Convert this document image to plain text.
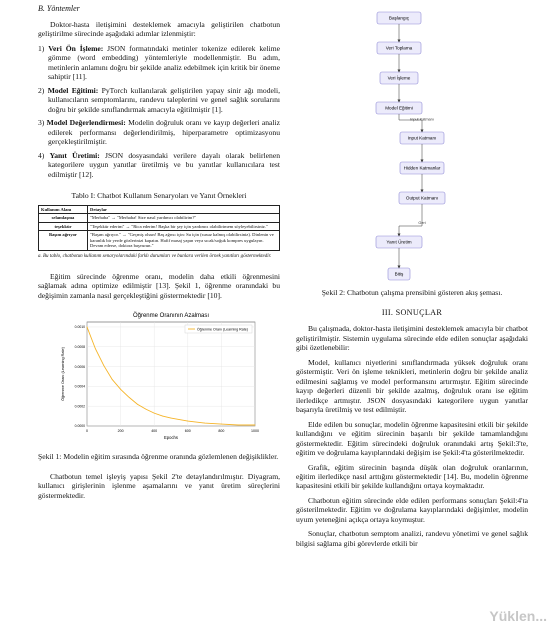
B. Yöntemler

Doktor-hasta iletişimini desteklemek amacıyla geliştirilen chatbotun geliştirilme sürecinde aşağıdaki adımlar izlenmiştir:

1) Veri Ön İşleme: JSON formatındaki metinler tokenize edilerek kelime gömme (word embedding) yöntemleriyle modellenmiştir. Bu adım, metinlerin anlamını doğru bir şekilde analiz edebilmek için kritik bir öneme sahiptir [11].
2) Model Eğitimi: PyTorch kullanılarak geliştirilen yapay sinir ağı modeli, kullanıcıların semptomlarını, randevu taleplerini ve genel sağlık sorularını doğru bir şekilde sınıflandırmak amacıyla eğitilmiştir [1].
3) Model Değerlendirmesi: Modelin doğruluk oranı ve kayıp değerleri analiz edilerek performansı değerlendirilmiş, hiperparametre optimizasyonu gerçekleştirilmiştir.
4) Yanıt Üretimi: JSON dosyasındaki verilere dayalı olarak belirlenen kategorilere uygun yanıtlar üretilmiş ve bu yanıtlar kullanıcılara test edilmiştir [12].
Tablo I: Chatbot Kullanım Senaryoları ve Yanıt Örnekleri
Kullanım Alanı	Detaylar
selamlaşma	"Merhaba" → "Merhaba! Size nasıl yardımcı olabilirim?"
teşekkür	"Teşekkür ederim" → "Rica ederim! Başka bir şey için yardımcı olabilirimem söyleyebilirsiniz."
Başım ağrıyor	"Başım ağrıyor." → "Geçmiş olsun! Baş ağrısı için: Su için (susuz kalmış olabilirsiniz). Dinlenin ve karanlık bir yerde gözlerinizi kapatın. Hafif masaj yapın veya sıcak/soğuk kompres uygulayın. Devam ederse, doktora başvurun."
a. Bu tablo, chatbotun kullanım senaryolarındaki farklı durumları ve bunlara verilen örnek yanıtları göstermektedir.

Eğitim sürecinde öğrenme oranı, modelin daha etkili öğrenmesini sağlamak adına optimize edilmiştir [13]. Şekil 1, öğrenme oranındaki bu değişimin zamanla nasıl gerçekleştiğini göstermektedir [10].

Öğrenme Oranının Azalması
0	200	400	600	800	1000
0.0000
0.0002
0.0004
0.0006
0.0008
0.0010
Epochs
Öğrenme Oranı (Learning Rate)
Öğrenme Oranı (Learning Rate)
Şekil 1: Modelin eğitim sırasında öğrenme oranında gözlemlenen değişiklikler.

Chatbotun temel işleyiş yapısı Şekil 2'te detaylandırılmıştır. Diyagram, kullanıcı girişlerinin işlenme aşamalarını ve yanıt üretim süreçlerini göstermektedir.

Başlangıç
Veri Toplama
Veri İşleme
Model Eğitimi
Input Katmanı
Hidden Katmanlar
Output Katmanı
Yanıt Üretim
Bitiş
Input Katmanı
Geri
Şekil 2: Chatbotun çalışma prensibini gösteren akış şeması.
III. SONUÇLAR

Bu çalışmada, doktor-hasta iletişimini desteklemek amacıyla bir chatbot geliştirilmiştir. Sistemin uygulama sürecinde elde edilen sonuçlar aşağıdaki gibi özetlenebilir:

Model, kullanıcı niyetlerini sınıflandırmada yüksek doğruluk oranı göstermiştir. Veri ön işleme teknikleri, metinlerin doğru bir şekilde analiz edilmesini sağlamış ve model performansını artırmıştır. Eğitim sürecinde kayıp değerleri düzenli bir şekilde azalmış, doğruluk oranı ise eğitim ilerledikçe artmıştır. JSON dosyasındaki kategorilere uygun yanıtlar başarıyla üretilmiş ve test edilmiştir.

Elde edilen bu sonuçlar, modelin öğrenme kapasitesini etkili bir şekilde kullandığını ve eğitim sürecinin başarılı bir şekilde tamamlandığını göstermektedir. Eğitim sürecindeki doğruluk oranındaki artış Şekil:3'te, eğitim ve doğrulama kayıplarındaki değişim ise Şekil:4'ta gösterilmektedir.

Grafik, eğitim sürecinin başında düşük olan doğruluk oranlarının, eğitim ilerledikçe nasıl arttığını göstermektedir [14]. Bu, modelin öğrenme kapasitesini etkili bir şekilde kullandığını ortaya koymaktadır.

Chatbotun eğitim sürecinde elde edilen performans sonuçları Şekil:4'ta gösterilmektedir. Eğitim ve doğrulama kayıplarındaki değişimler, modelin uyum yeteneğini açıkça ortaya koymuştur.

Sonuçlar, chatbotun semptom analizi, randevu yönetimi ve genel sağlık bilgisi sağlama gibi görevlerde etkili bir

Yüklen...
